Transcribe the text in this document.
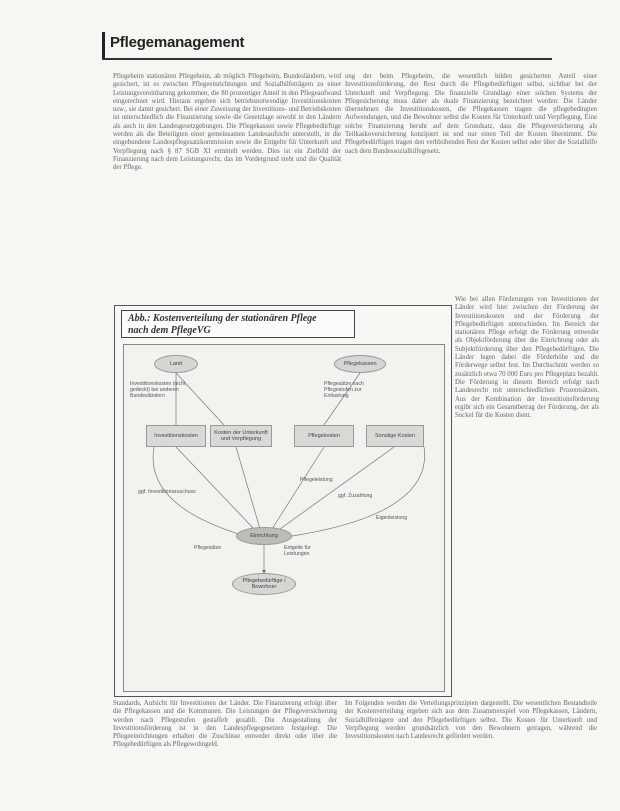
Pflegemanagement

Pflegeheim stationären Pflegeheim, ab möglich Pflegeheim, Bundesländern, wird gesichert, ist es zwischen Pflegeeinrichtungen und Sozialhilfeträgern zu einer Leistungsvereinbarung gekommen, die 80 prozentiger Anteil in den Pflegeaufwand eingerechnet wird. Hieraus ergeben sich betriebsnotwendige Investitionskosten usw., sie damit gesichert. Bei einer Zuweisung der Investitions- und Betriebskosten ist unterschiedlich die Finanzierung sowie die Gesetzlage sowohl in den Ländern als auch in den Landesgesetzgebungen. Die Pflegekassen sowie Pflegebedürftige werden als die Beteiligten einer gemeinsamen Landesaufsicht unterstellt, in die eingebundene Landespflegesatzkommission sowie die Entgelte für Unterkunft und Verpflegung nach § 87 SGB XI ermittelt werden. Dies ist ein Zielbild der Finanzierung nach dem Leistungsrecht, das im Vordergrund steht und die Qualität der Pflege.

ung der beim Pflegeheim, die wesentlich bilden gesicherten Anteil einer Investitionsförderung, der Rest durch die Pflegebedürftigen selbst, sichtbar bei der Unterkunft und Verpflegung. Die finanzielle Grundlage einer solchen Systems der Pflegesicherung muss daher als duale Finanzierung bezeichnet werden: Die Länder übernehmen die Investitionskosten, die Pflegekassen tragen die pflegebedingten Aufwendungen, und die Bewohner selbst die Kosten für Unterkunft und Verpflegung. Eine solche Finanzierung beruht auf dem Grundsatz, dass die Pflegeversicherung als Teilkaskoversicherung konzipiert ist und nur einen Teil der Kosten übernimmt. Die Pflegebedürftigen tragen den verbleibenden Rest der Kosten selbst oder über die Sozialhilfe nach dem Bundessozialhilfegesetz.

Wie bei allen Förderungen von Investitionen der Länder wird hier zwischen der Förderung der Investitionskosten und der Förderung der Pflegebedürftigen unterschieden. Im Bereich der stationären Pflege erfolgt die Förderung entweder als Objektförderung über die Einrichtung oder als Subjektförderung über den Pflegebedürftigen. Die Länder legen dabei die Förderhöhe und die Förderwege selbst fest. Im Durchschnitt werden so zusätzlich etwa 70 000 Euro pro Pflegeplatz bezahlt. Die Förderung in diesem Bereich erfolgt nach Landesrecht mit unterschiedlichen Prozentsätzen. Aus der Kombination der Investitionsförderung ergibt sich ein Gesamtbetrag der Förderung, der als Sockel für die Kosten dient.

Standards, Aufsicht für Investitionen der Länder. Die Finanzierung erfolgt über die Pflegekassen und die Kommunen. Die Leistungen der Pflegeversicherung werden nach Pflegestufen gestaffelt gezahlt. Die Ausgestaltung der Investitionsförderung ist in den Landespflegegesetzen festgelegt. Die Pflegeeinrichtungen erhalten die Zuschüsse entweder direkt oder über die Pflegebedürftigen als Pflegewohngeld.

Im Folgenden werden die Verteilungsprinzipien dargestellt. Die wesentlichen Bestandteile der Kostenverteilung ergeben sich aus dem Zusammenspiel von Pflegekassen, Ländern, Sozialhilfeträgern und den Pflegebedürftigen selbst. Die Kosten für Unterkunft und Verpflegung werden grundsätzlich von den Bewohnern getragen, während die Investitionskosten nach Landesrecht gefördert werden.

Abb.: Kostenverteilung der stationären Pflege
nach dem PflegeVG
Land	Pflegekassen
Investitionskosten
Kosten der Unterkunft und Verpflegung
Pflegekosten	Sonstige Kosten
Einrichtung
Pflegebedürftige / Bewohner
Investitionskosten (nicht gedeckt) bei anderen Bundesländern
Pflegesätze nach Pflegestufen zur Entlastung
ggf. Investitionszuschuss
Pflegeleistung
ggf. Zuzahlung
Eigenleistung
Pflegesätze	Entgelte für Leistungen
